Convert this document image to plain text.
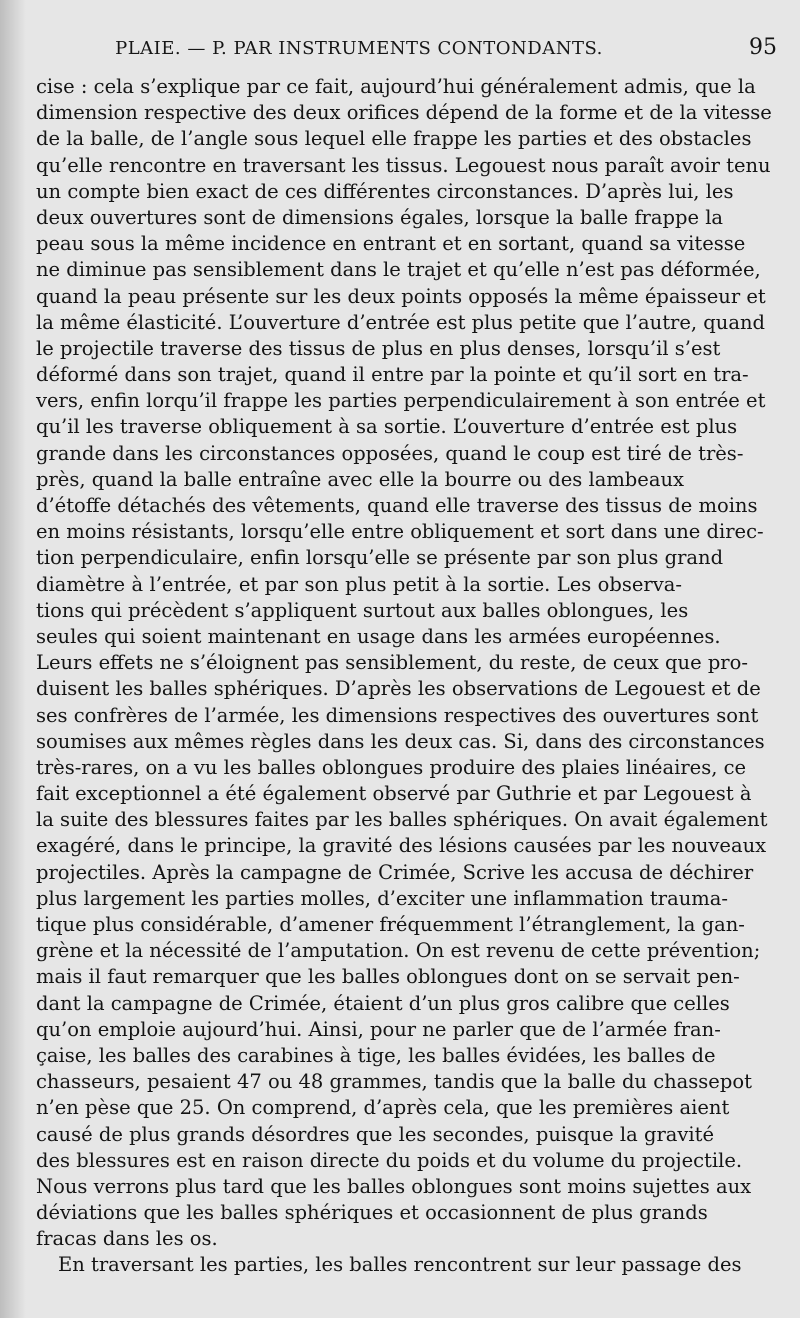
PLAIE. — P. PAR INSTRUMENTS CONTONDANTS.	95
cise : cela s’explique par ce fait, aujourd’hui généralement admis, que la
dimension respective des deux orifices dépend de la forme et de la vitesse
de la balle, de l’angle sous lequel elle frappe les parties et des obstacles
qu’elle rencontre en traversant les tissus. Legouest nous paraît avoir tenu
un compte bien exact de ces différentes circonstances. D’après lui, les
deux ouvertures sont de dimensions égales, lorsque la balle frappe la
peau sous la même incidence en entrant et en sortant, quand sa vitesse
ne diminue pas sensiblement dans le trajet et qu’elle n’est pas déformée,
quand la peau présente sur les deux points opposés la même épaisseur et
la même élasticité. L’ouverture d’entrée est plus petite que l’autre, quand
le projectile traverse des tissus de plus en plus denses, lorsqu’il s’est
déformé dans son trajet, quand il entre par la pointe et qu’il sort en tra-
vers, enfin lorqu’il frappe les parties perpendiculairement à son entrée et
qu’il les traverse obliquement à sa sortie. L’ouverture d’entrée est plus
grande dans les circonstances opposées, quand le coup est tiré de très-
près, quand la balle entraîne avec elle la bourre ou des lambeaux
d’étoffe détachés des vêtements, quand elle traverse des tissus de moins
en moins résistants, lorsqu’elle entre obliquement et sort dans une direc-
tion perpendiculaire, enfin lorsqu’elle se présente par son plus grand
diamètre à l’entrée, et par son plus petit à la sortie. Les observa-
tions qui précèdent s’appliquent surtout aux balles oblongues, les
seules qui soient maintenant en usage dans les armées européennes.
Leurs effets ne s’éloignent pas sensiblement, du reste, de ceux que pro-
duisent les balles sphériques. D’après les observations de Legouest et de
ses confrères de l’armée, les dimensions respectives des ouvertures sont
soumises aux mêmes règles dans les deux cas. Si, dans des circonstances
très-rares, on a vu les balles oblongues produire des plaies linéaires, ce
fait exceptionnel a été également observé par Guthrie et par Legouest à
la suite des blessures faites par les balles sphériques. On avait également
exagéré, dans le principe, la gravité des lésions causées par les nouveaux
projectiles. Après la campagne de Crimée, Scrive les accusa de déchirer
plus largement les parties molles, d’exciter une inflammation trauma-
tique plus considérable, d’amener fréquemment l’étranglement, la gan-
grène et la nécessité de l’amputation. On est revenu de cette prévention;
mais il faut remarquer que les balles oblongues dont on se servait pen-
dant la campagne de Crimée, étaient d’un plus gros calibre que celles
qu’on emploie aujourd’hui. Ainsi, pour ne parler que de l’armée fran-
çaise, les balles des carabines à tige, les balles évidées, les balles de
chasseurs, pesaient 47 ou 48 grammes, tandis que la balle du chassepot
n’en pèse que 25. On comprend, d’après cela, que les premières aient
causé de plus grands désordres que les secondes, puisque la gravité
des blessures est en raison directe du poids et du volume du projectile.
Nous verrons plus tard que les balles oblongues sont moins sujettes aux
déviations que les balles sphériques et occasionnent de plus grands
fracas dans les os.
En traversant les parties, les balles rencontrent sur leur passage des
